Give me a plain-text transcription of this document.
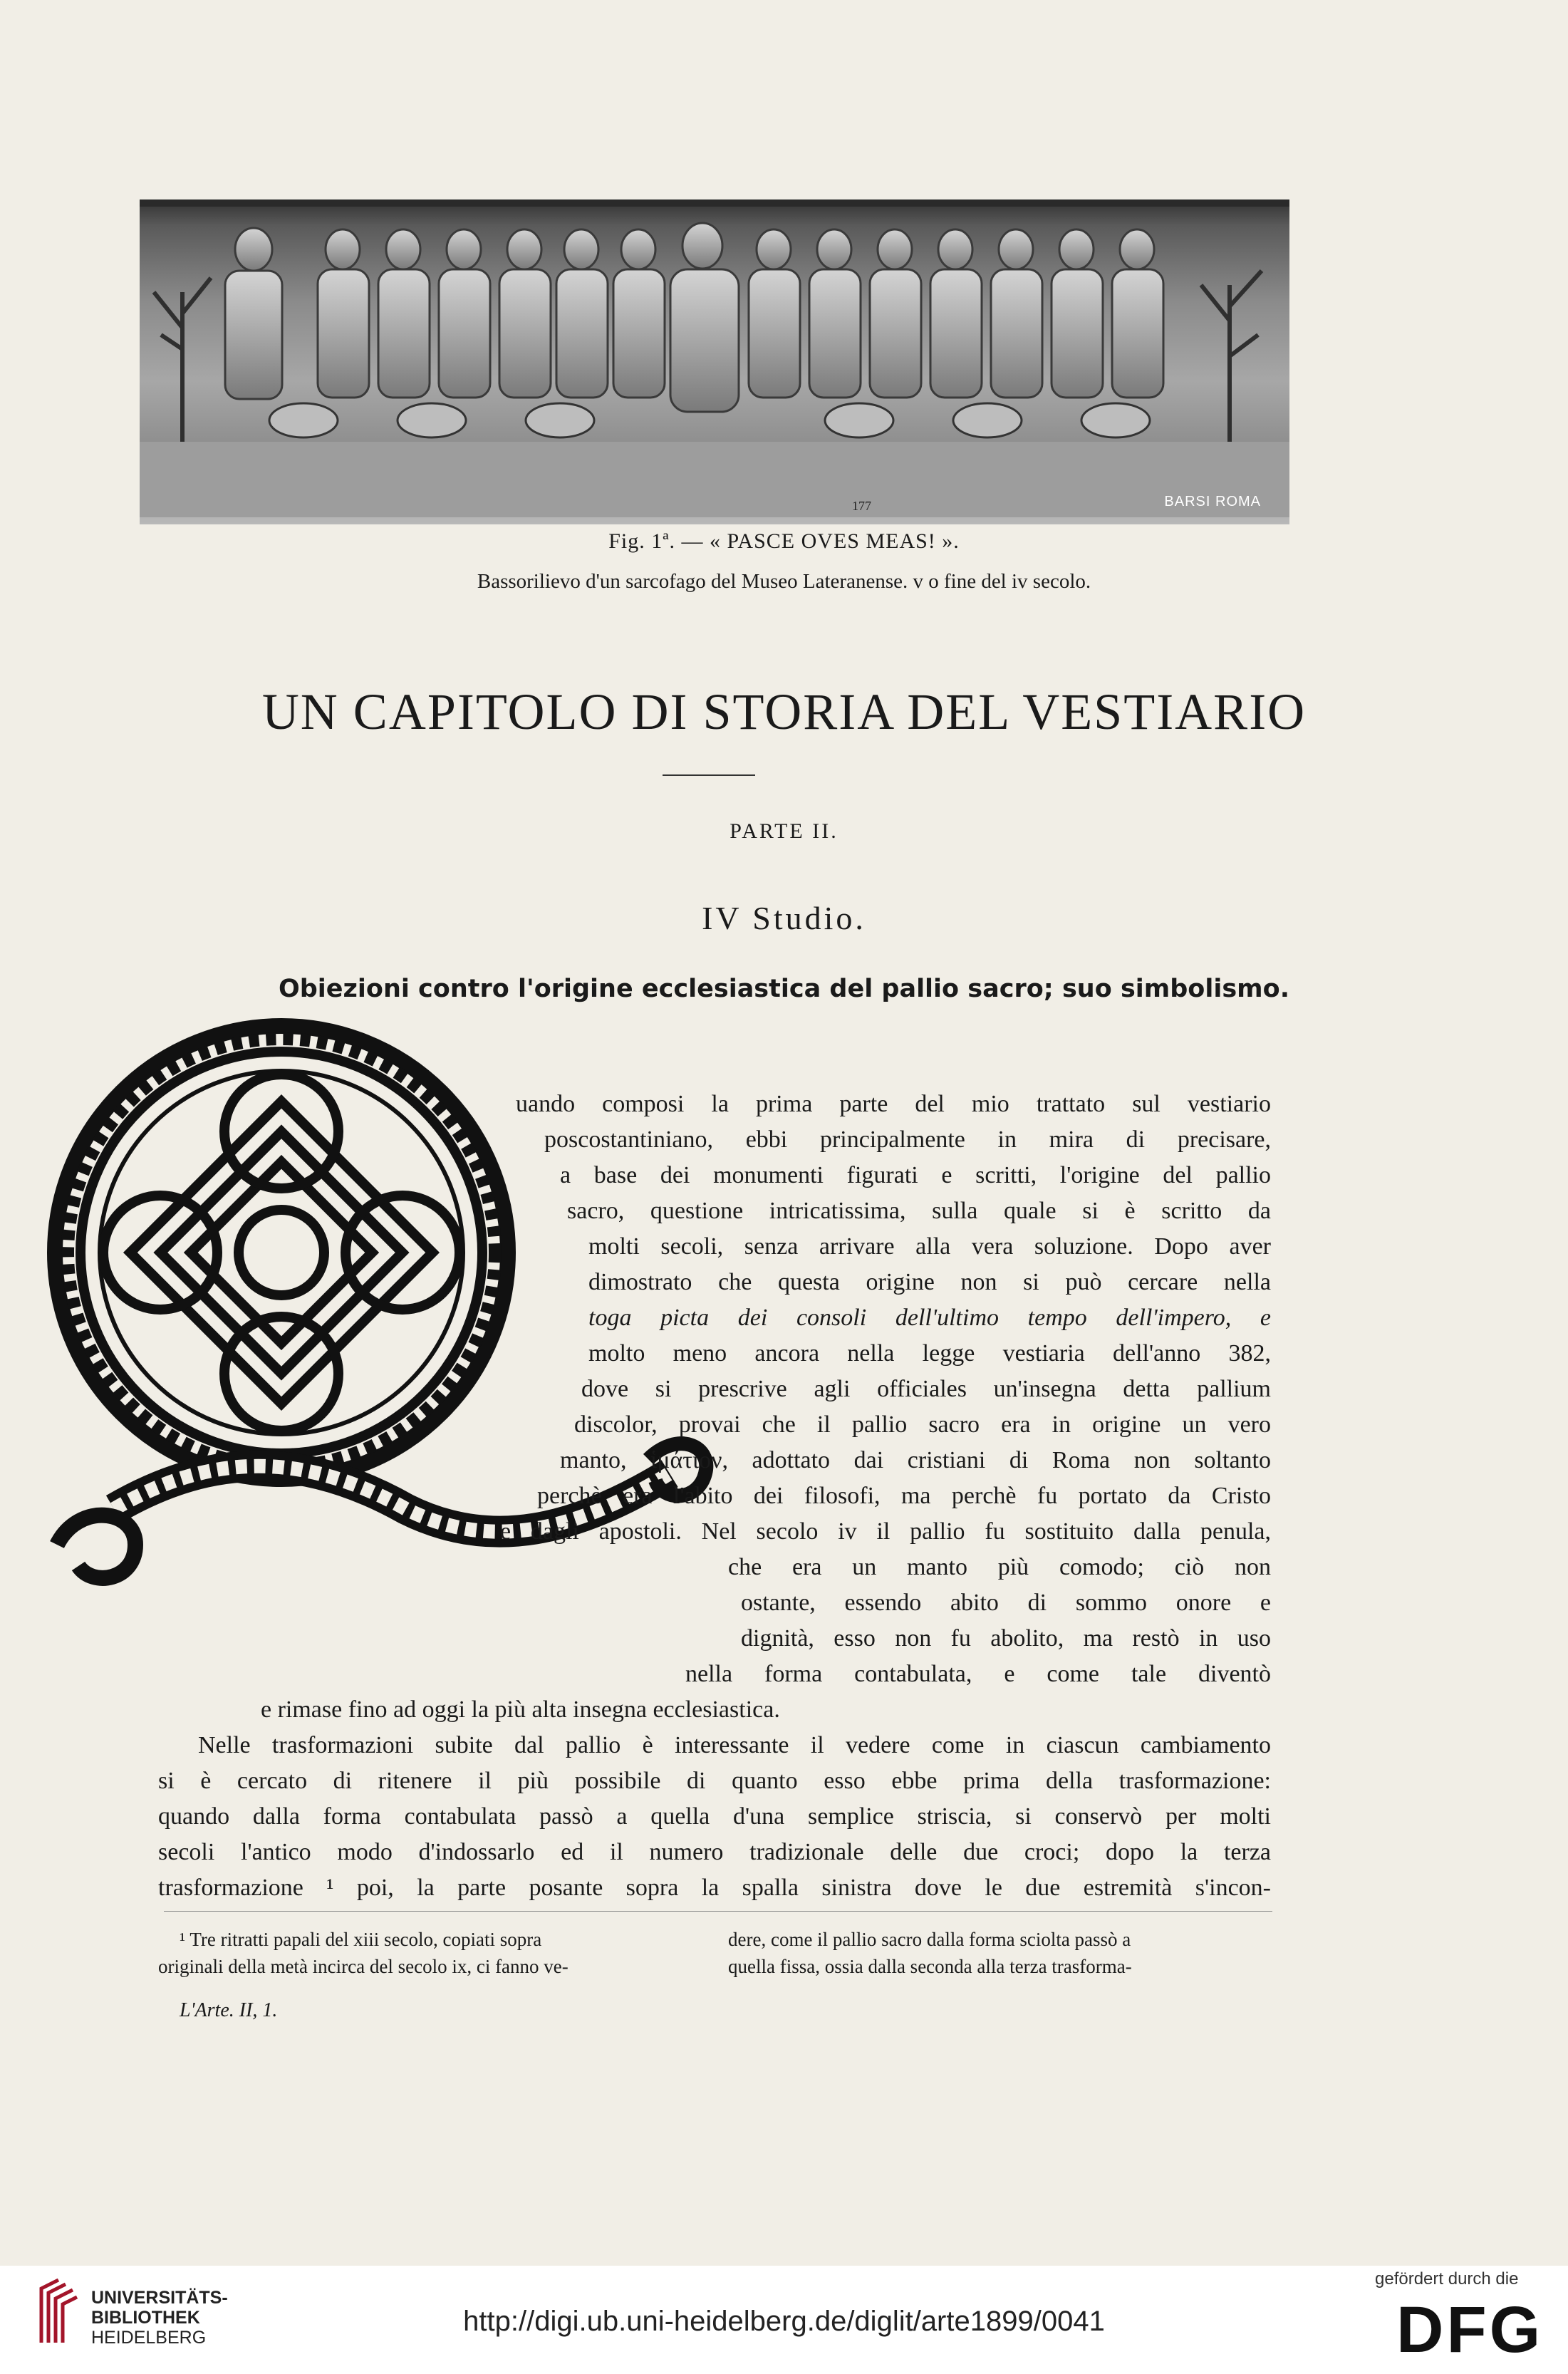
177	BARSI ROMA
Fig. 1ª. — « PASCE OVES MEAS! ».
Bassorilievo d'un sarcofago del Museo Lateranense. v o fine del iv secolo.
UN CAPITOLO DI STORIA DEL VESTIARIO
PARTE II.
IV Studio.
Obiezioni contro l'origine ecclesiastica del pallio sacro; suo simbolismo.
uando composi la prima parte del mio trattato sul vestiario
poscostantiniano, ebbi principalmente in mira di precisare,
a base dei monumenti figurati e scritti, l'origine del pallio
sacro, questione intricatissima, sulla quale si è scritto da
molti secoli, senza arrivare alla vera soluzione. Dopo aver
dimostrato che questa origine non si può cercare nella
toga picta dei consoli dell'ultimo tempo dell'impero, e
molto meno ancora nella legge vestiaria dell'anno 382,
dove si prescrive agli officiales un'insegna detta pallium
discolor, provai che il pallio sacro era in origine un vero
manto, ἱμάτιον, adottato dai cristiani di Roma non soltanto
perchè era l'abito dei filosofi, ma perchè fu portato da Cristo
e dagli apostoli. Nel secolo iv il pallio fu sostituito dalla penula,
che era un manto più comodo; ciò non
ostante, essendo abito di sommo onore e
dignità, esso non fu abolito, ma restò in uso
nella forma contabulata, e come tale diventò
e rimase fino ad oggi la più alta insegna ecclesiastica.
Nelle trasformazioni subite dal pallio è interessante il vedere come in ciascun cambiamento
si è cercato di ritenere il più possibile di quanto esso ebbe prima della trasformazione:
quando dalla forma contabulata passò a quella d'una semplice striscia, si conservò per molti
secoli l'antico modo d'indossarlo ed il numero tradizionale delle due croci; dopo la terza
trasformazione ¹ poi, la parte posante sopra la spalla sinistra dove le due estremità s'incon-
¹ Tre ritratti papali del xiii secolo, copiati sopra
originali della metà incirca del secolo ix, ci fanno ve-
dere, come il pallio sacro dalla forma sciolta passò a
quella fissa, ossia dalla seconda alla terza trasforma-
L'Arte. II, 1.
UNIVERSITÄTS-
BIBLIOTHEK
HEIDELBERG
http://digi.ub.uni-heidelberg.de/diglit/arte1899/0041
gefördert durch die
DFG
